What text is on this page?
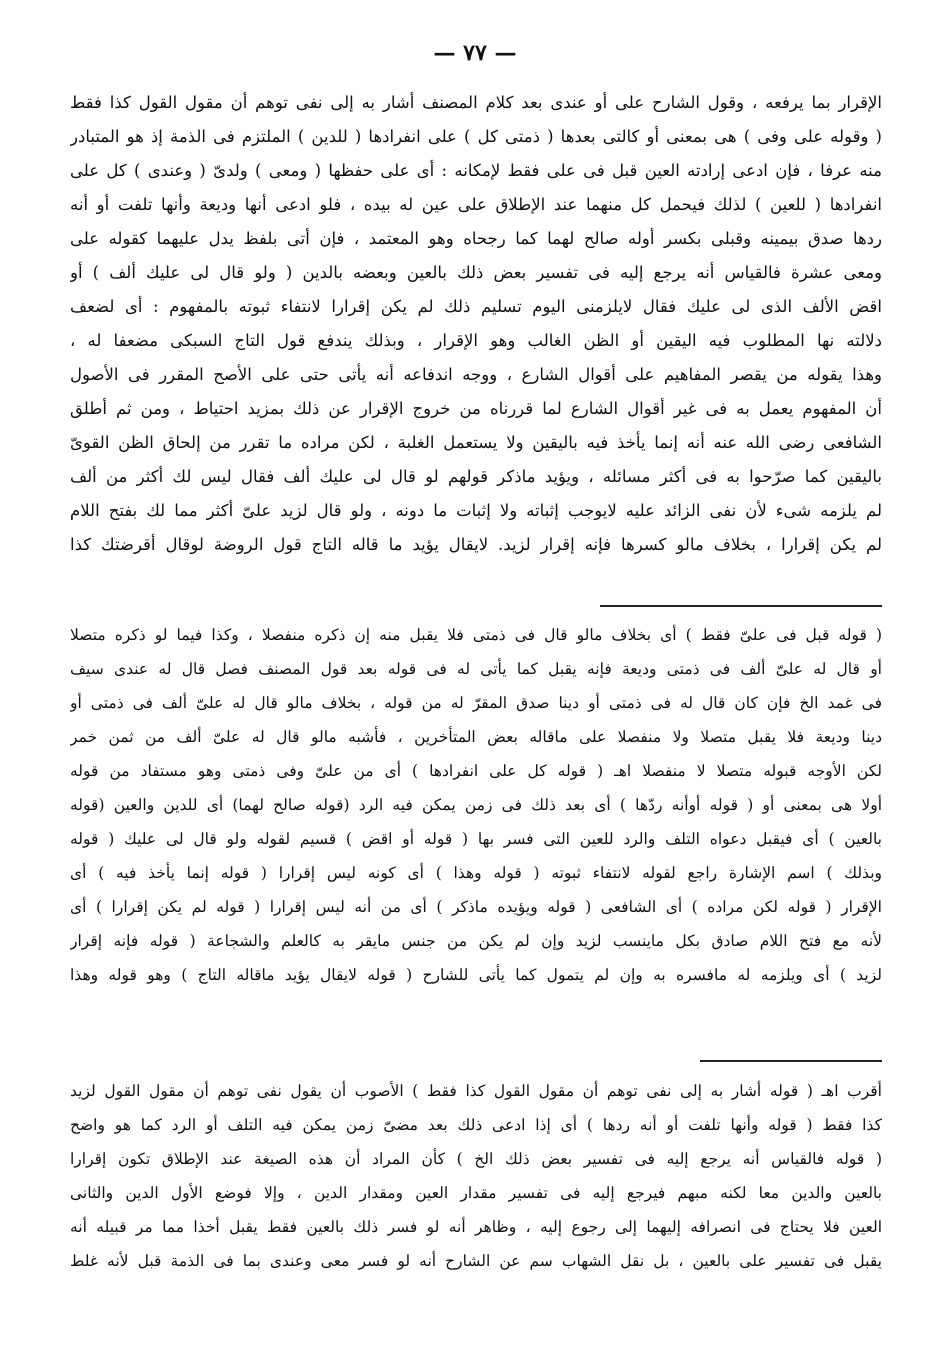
— ٧٧ —
الإقرار بما يرفعه ، وقول الشارح على أو عندى بعد كلام المصنف أشار به إلى نفى توهم أن مقول القول كذا فقط
( وقوله على وفى ) هى بمعنى أو كالتى بعدها ( ذمتى كل ) على انفرادها ( للدين ) الملتزم فى الذمة إذ هو المتبادر
منه عرفا ، فإن ادعى إرادته العين قبل فى على فقط لإمكانه : أى على حفظها ( ومعى ) ولدىّ ( وعندى ) كل على
انفرادها ( للعين ) لذلك فيحمل كل منهما عند الإطلاق على عين له بيده ، فلو ادعى أنها وديعة وأنها تلفت أو أنه
ردها صدق بيمينه وقبلى بكسر أوله صالح لهما كما رجحاه وهو المعتمد ، فإن أتى بلفظ يدل عليهما كقوله على
ومعى عشرة فالقياس أنه يرجع إليه فى تفسير بعض ذلك بالعين وبعضه بالدين ( ولو قال لى عليك ألف ) أو
اقض الألف الذى لى عليك فقال لايلزمنى اليوم تسليم ذلك لم يكن إقرارا لانتفاء ثبوته بالمفهوم : أى لضعف
دلالته نها المطلوب فيه اليقين أو الظن الغالب وهو الإقرار ، وبذلك يندفع قول التاج السبكى مضعفا له ،
وهذا يقوله من يقصر المفاهيم على أقوال الشارع ، ووجه اندفاعه أنه يأتى حتى على الأصح المقرر فى الأصول
أن المفهوم يعمل به فى غير أقوال الشارع لما قررناه من خروج الإقرار عن ذلك بمزيد احتياط ، ومن ثم أطلق
الشافعى رضى الله عنه أنه إنما يأخذ فيه باليقين ولا يستعمل الغلبة ، لكن مراده ما تقرر من إلحاق الظن القوىّ
باليقين كما صرّحوا به فى أكثر مسائله ، ويؤيد ماذكر قولهم لو قال لى عليك ألف فقال ليس لك أكثر من ألف
لم يلزمه شىء لأن نفى الزائد عليه لايوجب إثباته ولا إثبات ما دونه ، ولو قال لزيد علىّ أكثر مما لك بفتح اللام
لم يكن إقرارا ، بخلاف مالو كسرها فإنه إقرار لزيد. لايقال يؤيد ما قاله التاج قول الروضة لوقال أقرضتك كذا
( قوله قبل فى علىّ فقط ) أى بخلاف مالو قال فى ذمتى فلا يقبل منه إن ذكره منفصلا ، وكذا فيما لو ذكره متصلا
أو قال له علىّ ألف فى ذمتى وديعة فإنه يقبل كما يأتى له فى قوله بعد قول المصنف فصل قال له عندى سيف
فى غمد الخ فإن كان قال له فى ذمتى أو دينا صدق المقرّ له من قوله ، بخلاف مالو قال له علىّ ألف فى ذمتى أو
دينا وديعة فلا يقبل متصلا ولا منفصلا على ماقاله بعض المتأخرين ، فأشبه مالو قال له علىّ ألف من ثمن خمر
لكن الأوجه قبوله متصلا لا منفصلا اهـ ( قوله كل على انفرادها ) أى من علىّ وفى ذمتى وهو مستفاد من قوله
أولا هى بمعنى أو ( قوله أوأنه ردّها ) أى بعد ذلك فى زمن يمكن فيه الرد (قوله صالح لهما) أى للدين والعين (قوله
بالعين ) أى فيقبل دعواه التلف والرد للعين التى فسر بها ( قوله أو اقض ) قسيم لقوله ولو قال لى عليك ( قوله
وبذلك ) اسم الإشارة راجع لقوله لانتفاء ثبوته ( قوله وهذا ) أى كونه ليس إقرارا ( قوله إنما يأخذ فيه ) أى
الإقرار ( قوله لكن مراده ) أى الشافعى ( قوله ويؤيده ماذكر ) أى من أنه ليس إقرارا ( قوله لم يكن إقرارا ) أى
لأنه مع فتح اللام صادق بكل ماينسب لزيد وإن لم يكن من جنس مايقر به كالعلم والشجاعة ( قوله فإنه إقرار
لزيد ) أى ويلزمه له مافسره به وإن لم يتمول كما يأتى للشارح ( قوله لايقال يؤيد ماقاله التاج ) وهو قوله وهذا
أقرب اهـ ( قوله أشار به إلى نفى توهم أن مقول القول كذا فقط ) الأصوب أن يقول نفى توهم أن مقول القول لزيد
كذا فقط ( قوله وأنها تلفت أو أنه ردها ) أى إذا ادعى ذلك بعد مضىّ زمن يمكن فيه التلف أو الرد كما هو واضح
( قوله فالقياس أنه يرجع إليه فى تفسير بعض ذلك الخ ) كأن المراد أن هذه الصيغة عند الإطلاق تكون إقرارا
بالعين والدين معا لكنه مبهم فيرجع إليه فى تفسير مقدار العين ومقدار الدين ، وإلا فوضع الأول الدين والثانى
العين فلا يحتاج فى انصرافه إليهما إلى رجوع إليه ، وظاهر أنه لو فسر ذلك بالعين فقط يقبل أخذا مما مر قبيله أنه
يقبل فى تفسير على بالعين ، بل نقل الشهاب سم عن الشارح أنه لو فسر معى وعندى بما فى الذمة قبل لأنه غلط
